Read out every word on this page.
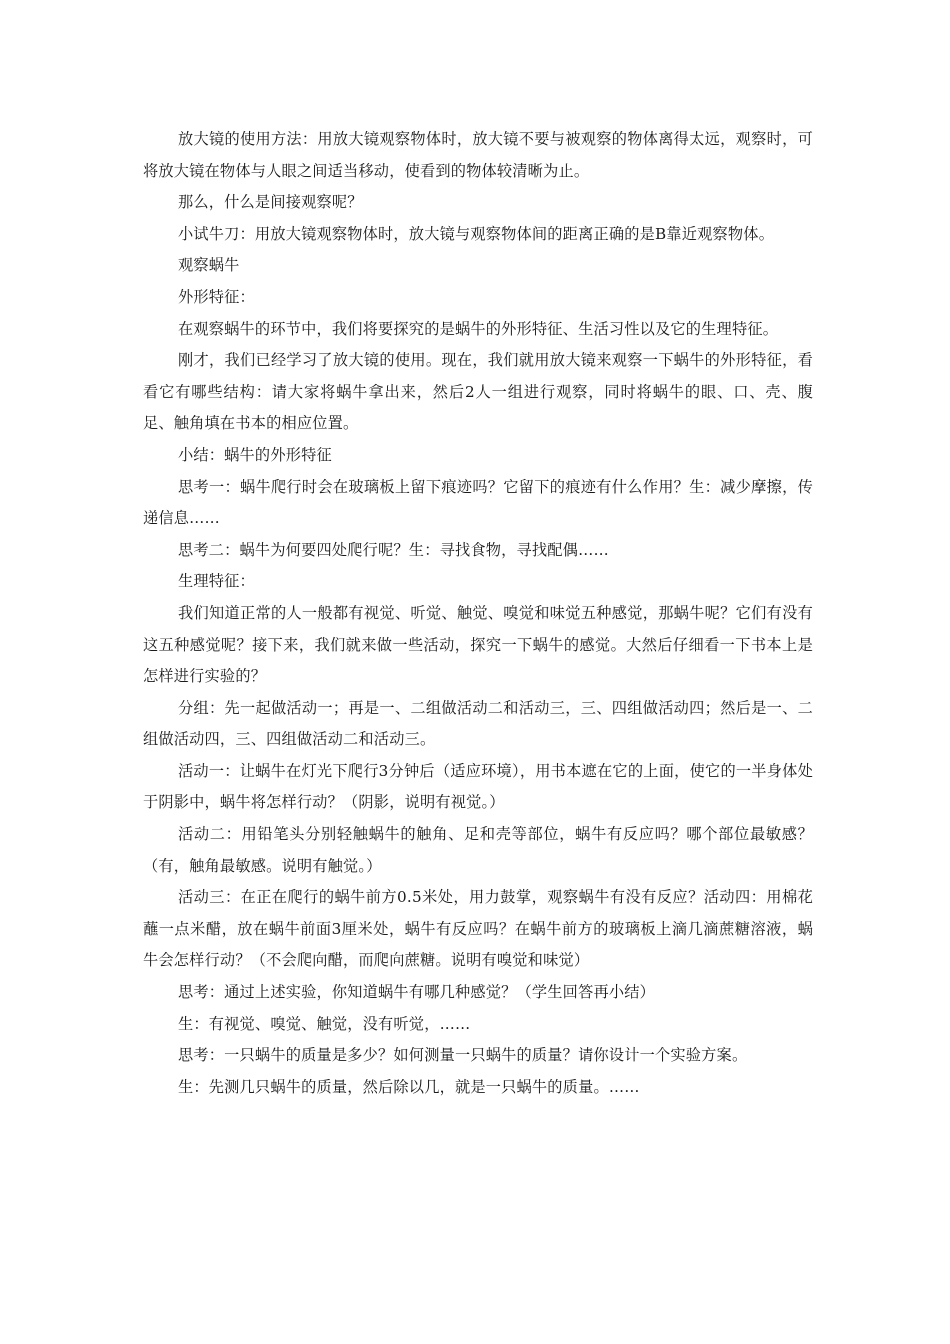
放大镜的使用方法：用放大镜观察物体时，放大镜不要与被观察的物体离得太远，观察时，可将放大镜在物体与人眼之间适当移动，使看到的物体较清晰为止。

那么，什么是间接观察呢？

小试牛刀：用放大镜观察物体时，放大镜与观察物体间的距离正确的是B靠近观察物体。

观察蜗牛

外形特征：

在观察蜗牛的环节中，我们将要探究的是蜗牛的外形特征、生活习性以及它的生理特征。

刚才，我们已经学习了放大镜的使用。现在，我们就用放大镜来观察一下蜗牛的外形特征，看看它有哪些结构：请大家将蜗牛拿出来，然后2人一组进行观察，同时将蜗牛的眼、口、壳、腹足、触角填在书本的相应位置。

小结：蜗牛的外形特征

思考一：蜗牛爬行时会在玻璃板上留下痕迹吗？它留下的痕迹有什么作用？生：减少摩擦，传递信息……

思考二：蜗牛为何要四处爬行呢？生：寻找食物，寻找配偶……

生理特征：

我们知道正常的人一般都有视觉、听觉、触觉、嗅觉和味觉五种感觉，那蜗牛呢？它们有没有这五种感觉呢？接下来，我们就来做一些活动，探究一下蜗牛的感觉。大然后仔细看一下书本上是怎样进行实验的？

分组：先一起做活动一；再是一、二组做活动二和活动三，三、四组做活动四；然后是一、二组做活动四，三、四组做活动二和活动三。

活动一：让蜗牛在灯光下爬行3分钟后（适应环境），用书本遮在它的上面，使它的一半身体处于阴影中，蜗牛将怎样行动？（阴影，说明有视觉。）

活动二：用铅笔头分别轻触蜗牛的触角、足和壳等部位，蜗牛有反应吗？哪个部位最敏感？（有，触角最敏感。说明有触觉。）

活动三：在正在爬行的蜗牛前方0.5米处，用力鼓掌，观察蜗牛有没有反应？活动四：用棉花蘸一点米醋，放在蜗牛前面3厘米处，蜗牛有反应吗？在蜗牛前方的玻璃板上滴几滴蔗糖溶液，蜗牛会怎样行动？（不会爬向醋，而爬向蔗糖。说明有嗅觉和味觉）

思考：通过上述实验，你知道蜗牛有哪几种感觉？（学生回答再小结）

生：有视觉、嗅觉、触觉，没有听觉，……

思考：一只蜗牛的质量是多少？如何测量一只蜗牛的质量？请你设计一个实验方案。

生：先测几只蜗牛的质量，然后除以几，就是一只蜗牛的质量。……
